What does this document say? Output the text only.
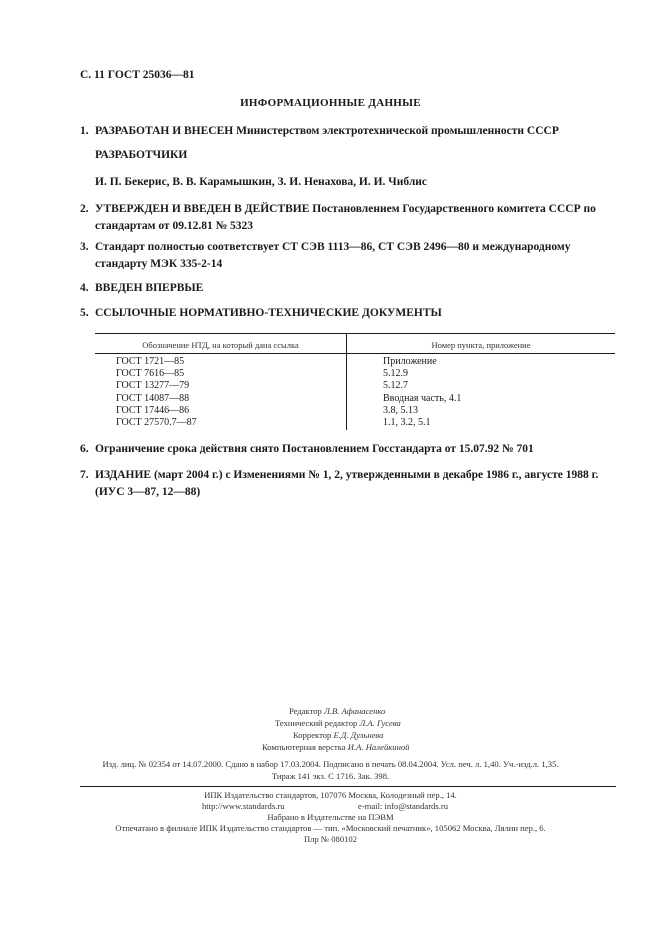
С. 11 ГОСТ 25036—81
ИНФОРМАЦИОННЫЕ ДАННЫЕ
1. РАЗРАБОТАН И ВНЕСЕН Министерством электротехнической промышленности СССР
РАЗРАБОТЧИКИ
И. П. Бекерис, В. В. Карамышкин, З. И. Ненахова, И. И. Чиблис
2. УТВЕРЖДЕН И ВВЕДЕН В ДЕЙСТВИЕ Постановлением Государственного комитета СССР по стандартам от 09.12.81 № 5323
3. Стандарт полностью соответствует СТ СЭВ 1113—86, СТ СЭВ 2496—80 и международному стандарту МЭК 335-2-14
4. ВВЕДЕН ВПЕРВЫЕ
5. ССЫЛОЧНЫЕ НОРМАТИВНО-ТЕХНИЧЕСКИЕ ДОКУМЕНТЫ
Обозначение НТД, на который дана ссылка	Номер пункта, приложение
ГОСТ 1721—85
ГОСТ 7616—85
ГОСТ 13277—79
ГОСТ 14087—88
ГОСТ 17446—86
ГОСТ 27570.7—87
Приложение
5.12.9
5.12.7
Вводная часть, 4.1
3.8, 5.13
1.1, 3.2, 5.1
6. Ограничение срока действия снято Постановлением Госстандарта от 15.07.92 № 701
7. ИЗДАНИЕ (март 2004 г.) с Изменениями № 1, 2, утвержденными в декабре 1986 г., августе 1988 г. (ИУС 3—87, 12—88)
Редактор Л.В. Афанасенко
Технический редактор Л.А. Гусева
Корректор Е.Д. Дульнева
Компьютерная верстка И.А. Налейкиной
Изд. лиц. № 02354 от 14.07.2000. Сдано в набор 17.03.2004. Подписано в печать 08.04.2004. Усл. печ. л. 1,40. Уч.-изд.л. 1,35.
Тираж 141 экз. С 1716. Зак. 398.
ИПК Издательство стандартов, 107076 Москва, Колодезный пер., 14.
http://www.standards.ru	e-mail: info@standards.ru
Набрано в Издательстве на ПЭВМ
Отпечатано в филиале ИПК Издательство стандартов — тип. «Московский печатник», 105062 Москва, Лялин пер., 6.
Плр № 080102
